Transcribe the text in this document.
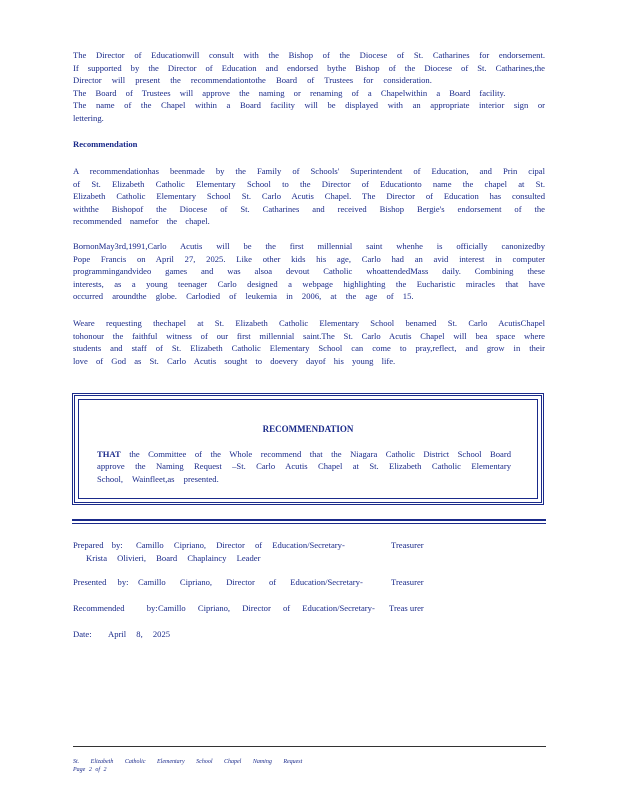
The Director of Educationwill consult with the Bishop of the Diocese of St. Catharines for endorsement.
If supported by the Director of Education and endorsed bythe Bishop of the Diocese of St. Catharines,the
Director will present the recommendationtothe Board of Trustees for consideration.
The Board of Trustees will approve the naming or renaming of a Chapelwithin a Board facility.
The name of the Chapel within a Board facility will be displayed with an appropriate interior sign or
lettering.
Recommendation
A recommendationhas beenmade by the Family of Schools' Superintendent of Education, and Prin cipal
of St. Elizabeth Catholic Elementary School to the Director of Educationto name the chapel at St.
Elizabeth Catholic Elementary School St. Carlo Acutis Chapel. The Director of Education has consulted
withthe Bishopof the Diocese of St. Catharines and received Bishop Bergie's endorsement of the
recommended namefor the chapel.
BornonMay3rd,1991,Carlo Acutis will be the first millennial saint whenhe is officially canonizedby
Pope Francis on April 27, 2025. Like other kids his age, Carlo had an avid interest in computer
programmingandvideo games and was alsoa devout Catholic whoattendedMass daily. Combining these
interests, as a young teenager Carlo designed a webpage highlighting the Eucharistic miracles that have
occurred aroundthe globe. Carlodied of leukemia in 2006, at the age of 15.
Weare requesting thechapel at St. Elizabeth Catholic Elementary School benamed St. Carlo AcutisChapel
tohonour the faithful witness of our first millennial saint.The St. Carlo Acutis Chapel will bea space where
students and staff of St. Elizabeth Catholic Elementary School can come to pray,reflect, and grow in their
love of God as St. Carlo Acutis sought to doevery dayof his young life.
RECOMMENDATION
THAT the Committee of the Whole recommend that the Niagara Catholic District School Board
approve the Naming Request –St. Carlo Acutis Chapel at St. Elizabeth Catholic Elementary
School, Wainfleet,as presented.
Prepared by: Camillo Cipriano, Director of Education/Secretary-	Treasurer
Krista Olivieri, Board Chaplaincy Leader
Presented by: Camillo Cipriano, Director of Education/Secretary-	Treasurer
Recommended by: Camillo Cipriano, Director of Education/Secretary- Treas urer
Date: April 8, 2025
St. Elizabeth Catholic Elementary School Chapel Naming Request
Page 2 of 2
